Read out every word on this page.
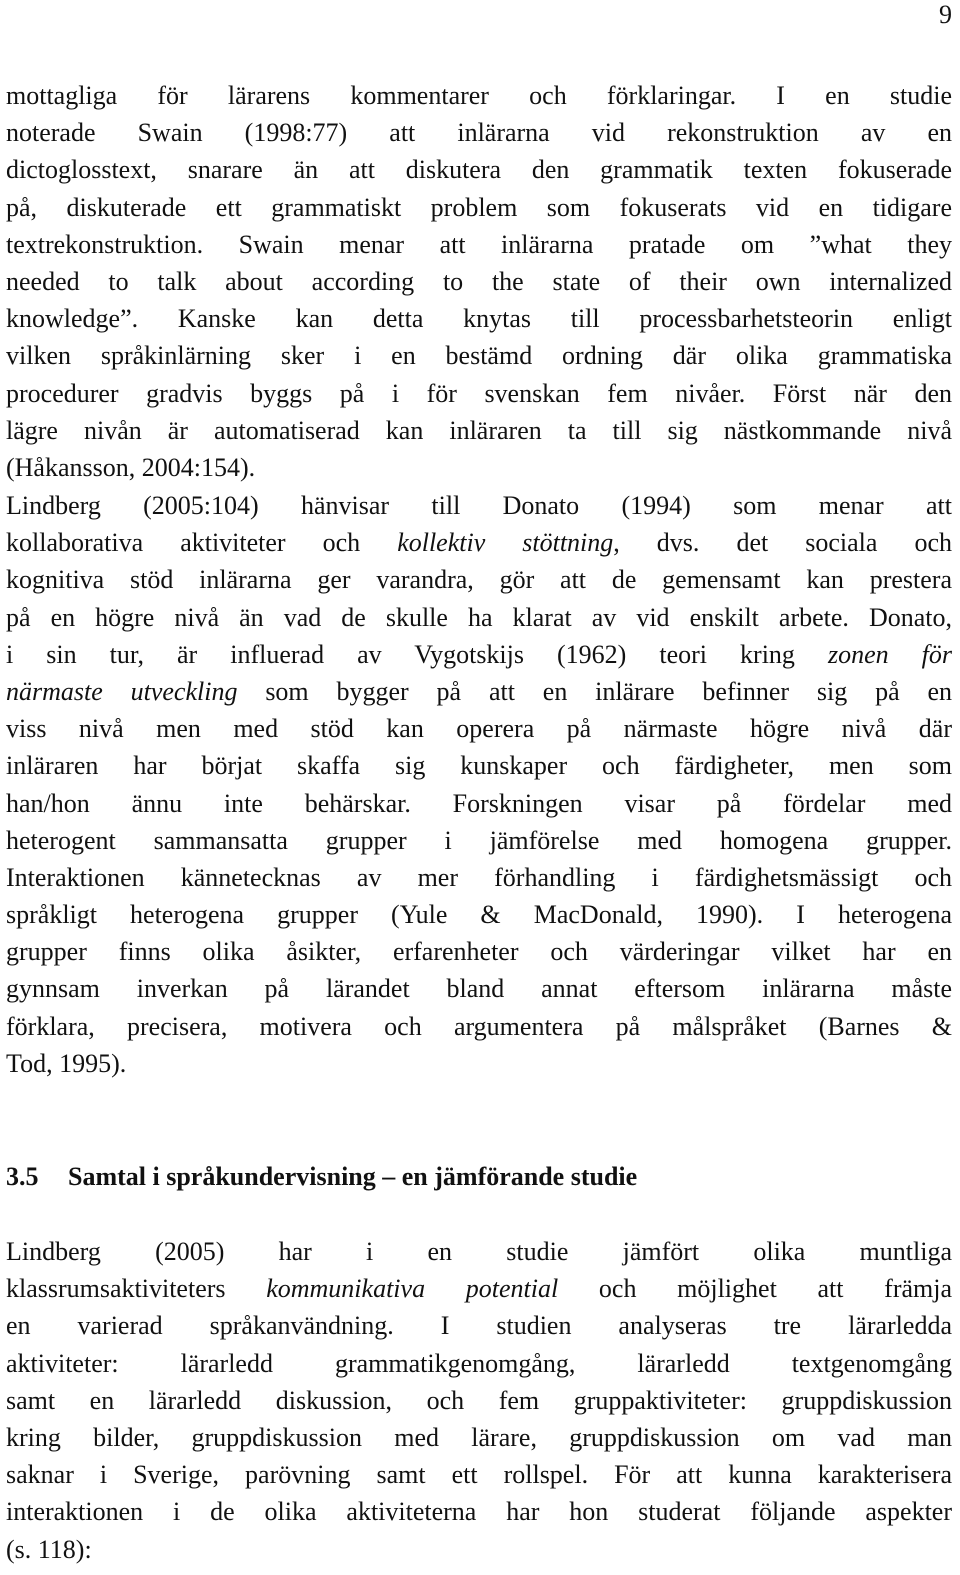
9
mottagliga för lärarens kommentarer och förklaringar. I en studie
noterade Swain (1998:77) att inlärarna vid rekonstruktion av en
dictoglosstext, snarare än att diskutera den grammatik texten fokuserade
på, diskuterade ett grammatiskt problem som fokuserats vid en tidigare
textrekonstruktion. Swain menar att inlärarna pratade om ”what they
needed to talk about according to the state of their own internalized
knowledge”. Kanske kan detta knytas till processbarhetsteorin enligt
vilken språkinlärning sker i en bestämd ordning där olika grammatiska
procedurer gradvis byggs på i för svenskan fem nivåer. Först när den
lägre nivån är automatiserad kan inläraren ta till sig nästkommande nivå
(Håkansson, 2004:154).
Lindberg (2005:104) hänvisar till Donato (1994) som menar att
kollaborativa aktiviteter och kollektiv stöttning, dvs. det sociala och
kognitiva stöd inlärarna ger varandra, gör att de gemensamt kan prestera
på en högre nivå än vad de skulle ha klarat av vid enskilt arbete. Donato,
i sin tur, är influerad av Vygotskijs (1962) teori kring zonen för
närmaste utveckling som bygger på att en inlärare befinner sig på en
viss nivå men med stöd kan operera på närmaste högre nivå där
inläraren har börjat skaffa sig kunskaper och färdigheter, men som
han/hon ännu inte behärskar. Forskningen visar på fördelar med
heterogent sammansatta grupper i jämförelse med homogena grupper.
Interaktionen kännetecknas av mer förhandling i färdighetsmässigt och
språkligt heterogena grupper (Yule & MacDonald, 1990). I heterogena
grupper finns olika åsikter, erfarenheter och värderingar vilket har en
gynnsam inverkan på lärandet bland annat eftersom inlärarna måste
förklara, precisera, motivera och argumentera på målspråket (Barnes &
Tod, 1995).
3.5 Samtal i språkundervisning – en jämförande studie
Lindberg (2005) har i en studie jämfört olika muntliga
klassrumsaktiviteters kommunikativa potential och möjlighet att främja
en varierad språkanvändning. I studien analyseras tre lärarledda
aktiviteter: lärarledd grammatikgenomgång, lärarledd textgenomgång
samt en lärarledd diskussion, och fem gruppaktiviteter: gruppdiskussion
kring bilder, gruppdiskussion med lärare, gruppdiskussion om vad man
saknar i Sverige, parövning samt ett rollspel. För att kunna karakterisera
interaktionen i de olika aktiviteterna har hon studerat följande aspekter
(s. 118):
